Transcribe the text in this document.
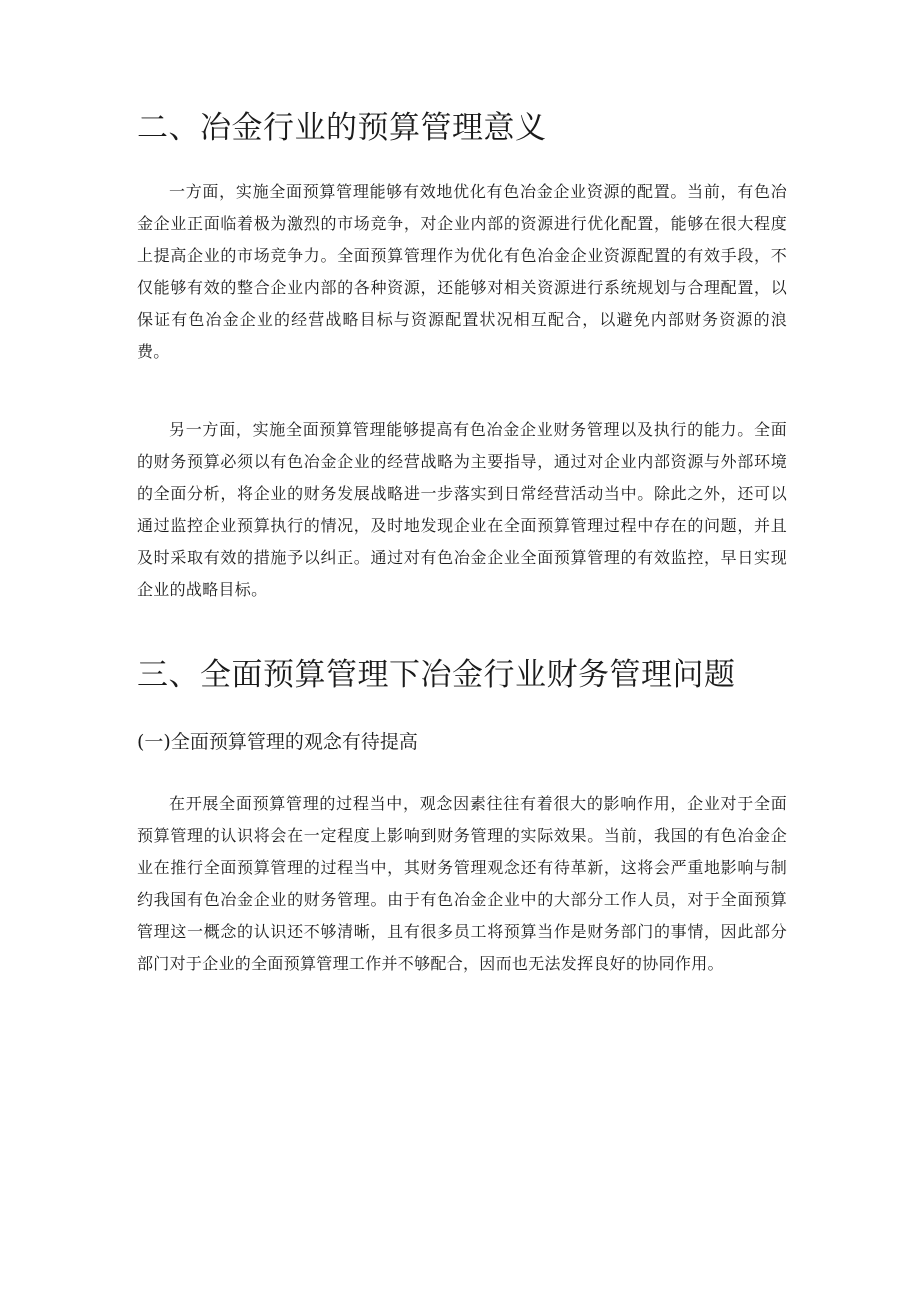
二、冶金行业的预算管理意义

一方面，实施全面预算管理能够有效地优化有色冶金企业资源的配置。当前，有色冶金企业正面临着极为激烈的市场竞争，对企业内部的资源进行优化配置，能够在很大程度上提高企业的市场竞争力。全面预算管理作为优化有色冶金企业资源配置的有效手段，不仅能够有效的整合企业内部的各种资源，还能够对相关资源进行系统规划与合理配置，以保证有色冶金企业的经营战略目标与资源配置状况相互配合，以避免内部财务资源的浪费。

另一方面，实施全面预算管理能够提高有色冶金企业财务管理以及执行的能力。全面的财务预算必须以有色冶金企业的经营战略为主要指导，通过对企业内部资源与外部环境的全面分析，将企业的财务发展战略进一步落实到日常经营活动当中。除此之外，还可以通过监控企业预算执行的情况，及时地发现企业在全面预算管理过程中存在的问题，并且及时采取有效的措施予以纠正。通过对有色冶金企业全面预算管理的有效监控，早日实现企业的战略目标。

三、全面预算管理下冶金行业财务管理问题
(一)全面预算管理的观念有待提高

在开展全面预算管理的过程当中，观念因素往往有着很大的影响作用，企业对于全面预算管理的认识将会在一定程度上影响到财务管理的实际效果。当前，我国的有色冶金企业在推行全面预算管理的过程当中，其财务管理观念还有待革新，这将会严重地影响与制约我国有色冶金企业的财务管理。由于有色冶金企业中的大部分工作人员，对于全面预算管理这一概念的认识还不够清晰，且有很多员工将预算当作是财务部门的事情，因此部分部门对于企业的全面预算管理工作并不够配合，因而也无法发挥良好的协同作用。
